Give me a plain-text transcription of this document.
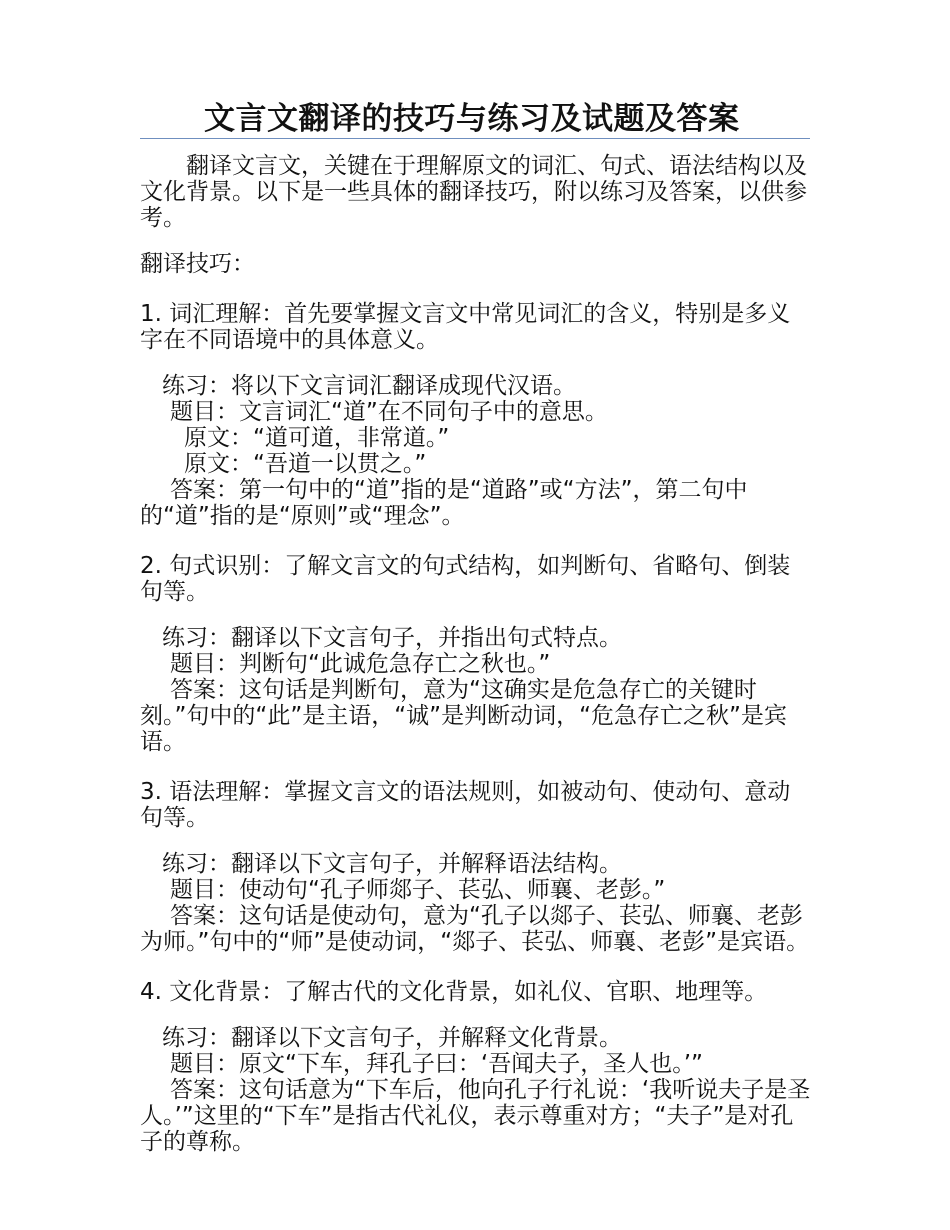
文言文翻译的技巧与练习及试题及答案

翻译文言文，关键在于理解原文的词汇、句式、语法结构以及文化背景。以下是一些具体的翻译技巧，附以练习及答案，以供参考。

翻译技巧：

1. 词汇理解：首先要掌握文言文中常见词汇的含义，特别是多义字在不同语境中的具体意义。

练习：将以下文言词汇翻译成现代汉语。

题目：文言词汇“道”在不同句子中的意思。

原文：“道可道，非常道。”

原文：“吾道一以贯之。”

答案：第一句中的“道”指的是“道路”或“方法”，第二句中的“道”指的是“原则”或“理念”。

2. 句式识别：了解文言文的句式结构，如判断句、省略句、倒装句等。

练习：翻译以下文言句子，并指出句式特点。

题目：判断句“此诚危急存亡之秋也。”

答案：这句话是判断句，意为“这确实是危急存亡的关键时刻。”句中的“此”是主语，“诚”是判断动词，“危急存亡之秋”是宾语。

3. 语法理解：掌握文言文的语法规则，如被动句、使动句、意动句等。

练习：翻译以下文言句子，并解释语法结构。

题目：使动句“孔子师郯子、苌弘、师襄、老彭。”

答案：这句话是使动句，意为“孔子以郯子、苌弘、师襄、老彭为师。”句中的“师”是使动词，“郯子、苌弘、师襄、老彭”是宾语。

4. 文化背景：了解古代的文化背景，如礼仪、官职、地理等。

练习：翻译以下文言句子，并解释文化背景。

题目：原文“下车，拜孔子曰：‘吾闻夫子，圣人也。’”

答案：这句话意为“下车后，他向孔子行礼说：‘我听说夫子是圣人。’”这里的“下车”是指古代礼仪，表示尊重对方；“夫子”是对孔子的尊称。
